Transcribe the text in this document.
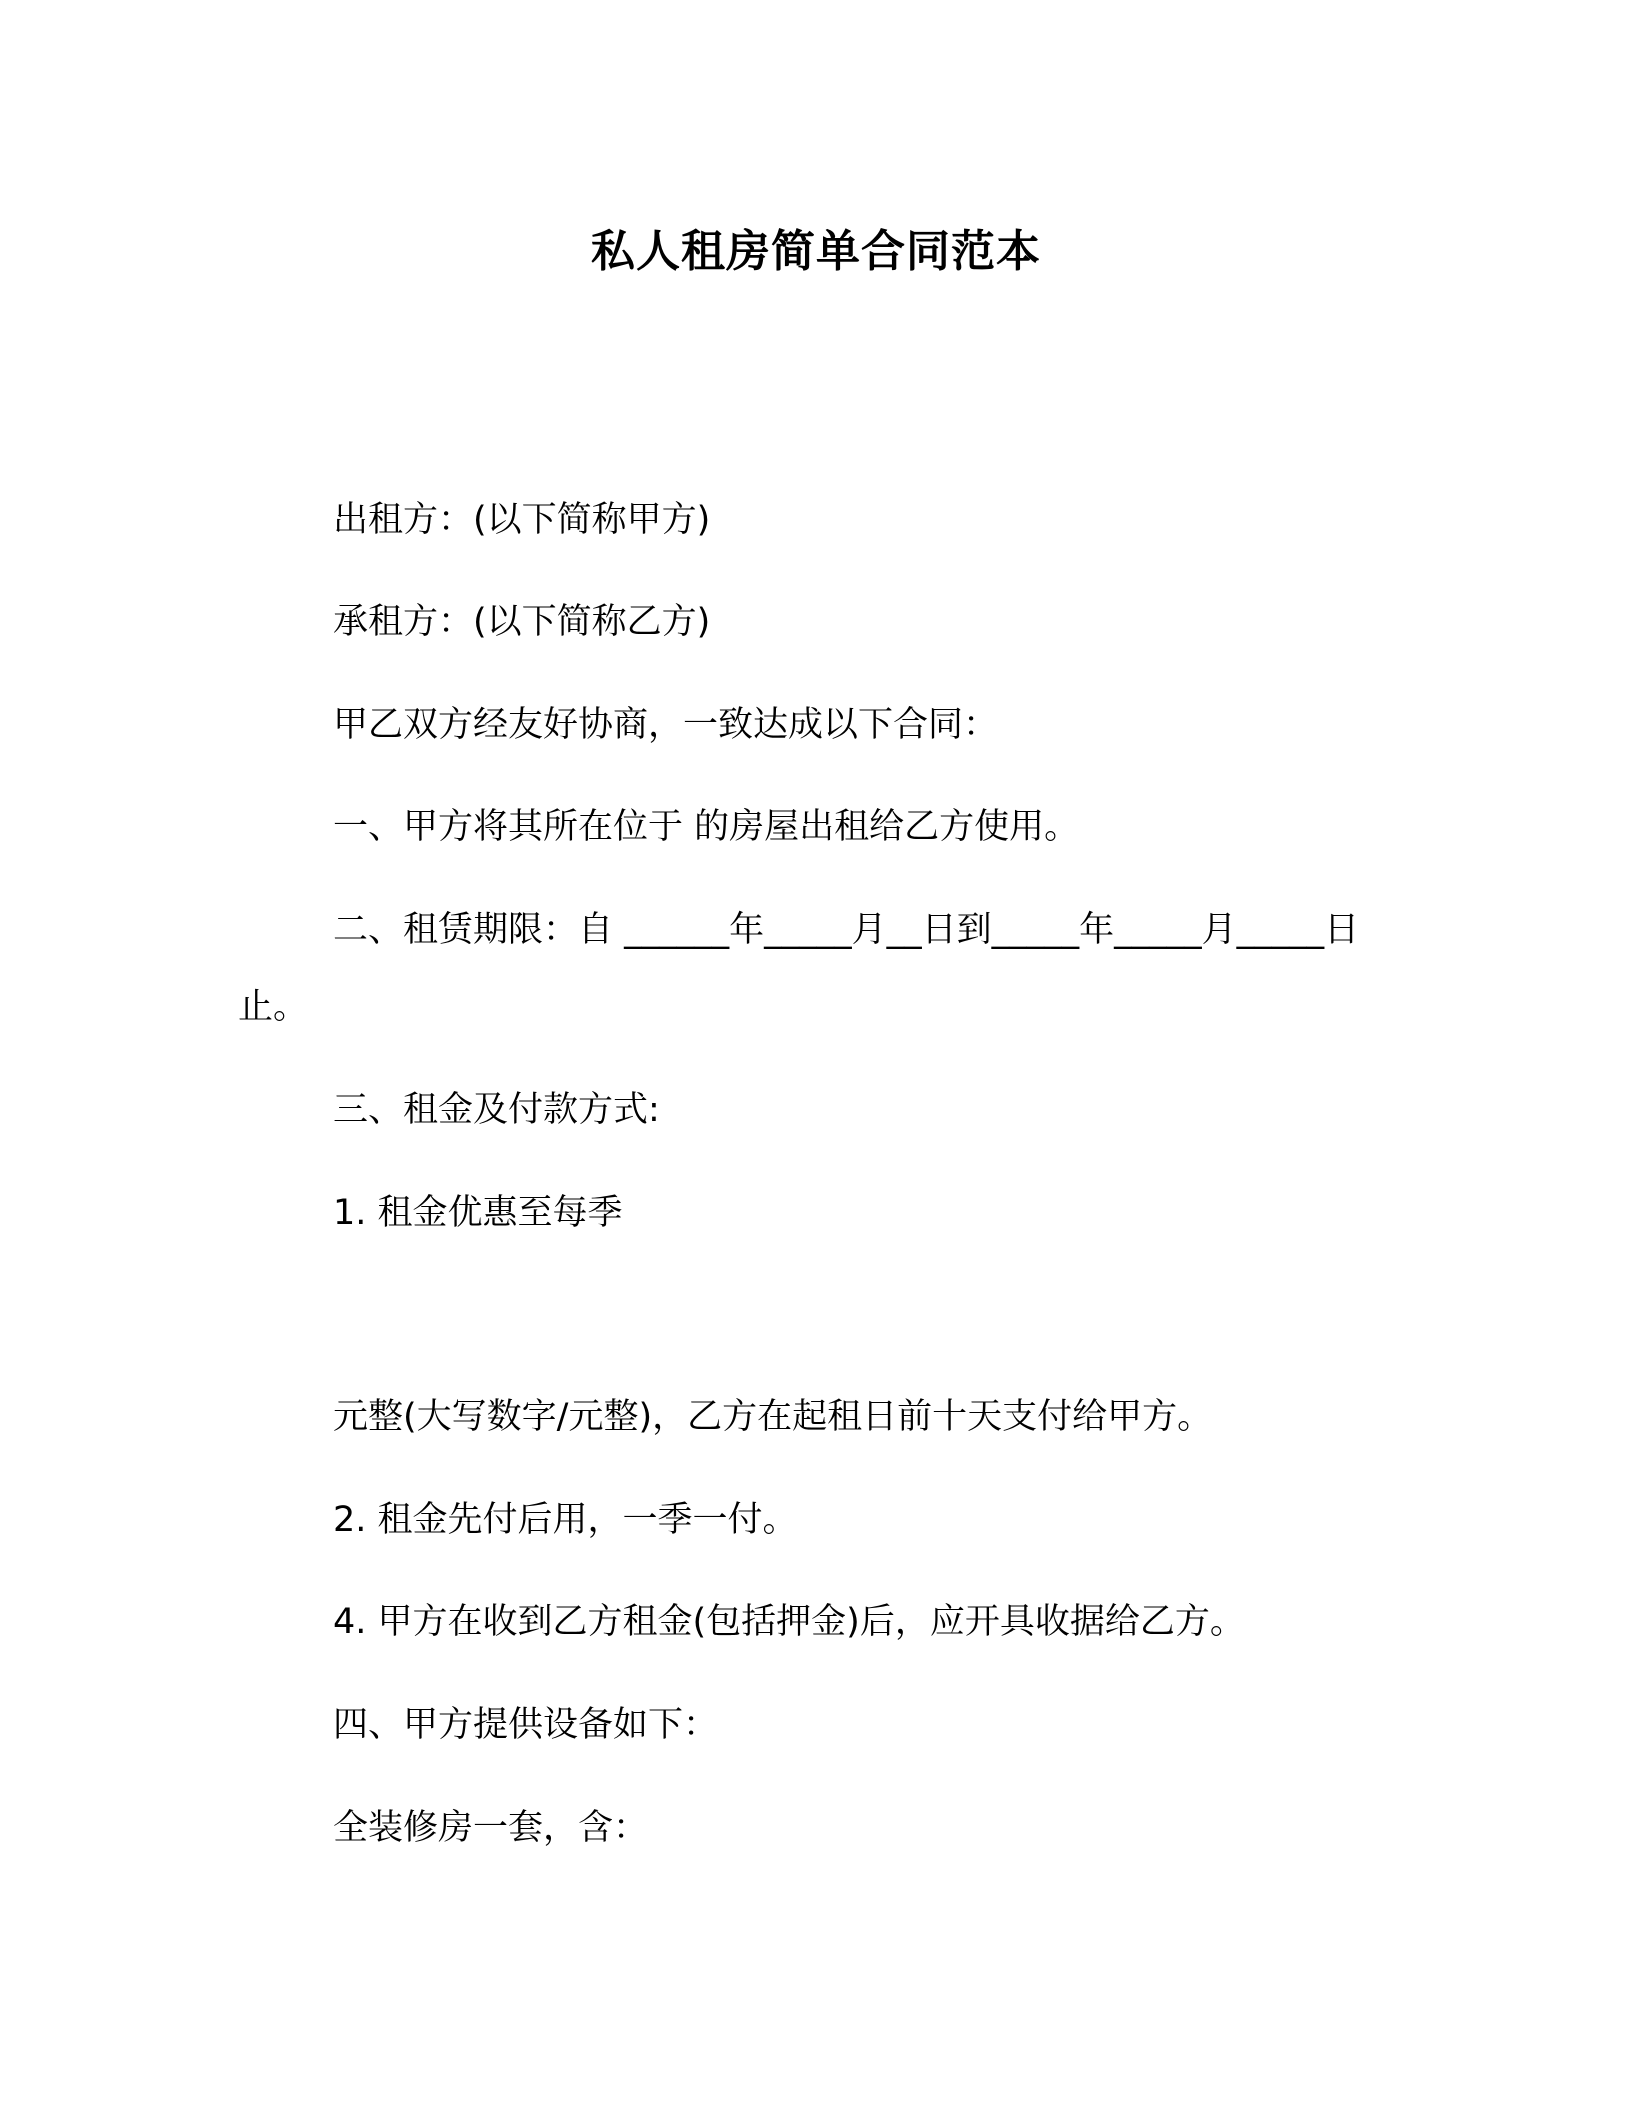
私人租房简单合同范本
出租方：(以下简称甲方)
承租方：(以下简称乙方)
甲乙双方经友好协商，一致达成以下合同：
一、甲方将其所在位于 的房屋出租给乙方使用。
二、租赁期限：自 ______年_____月__日到_____年_____月_____日
止。
三、租金及付款方式:
1. 租金优惠至每季
元整(大写数字/元整)，乙方在起租日前十天支付给甲方。
2. 租金先付后用，一季一付。
4. 甲方在收到乙方租金(包括押金)后，应开具收据给乙方。
四、甲方提供设备如下：
全装修房一套，含：
